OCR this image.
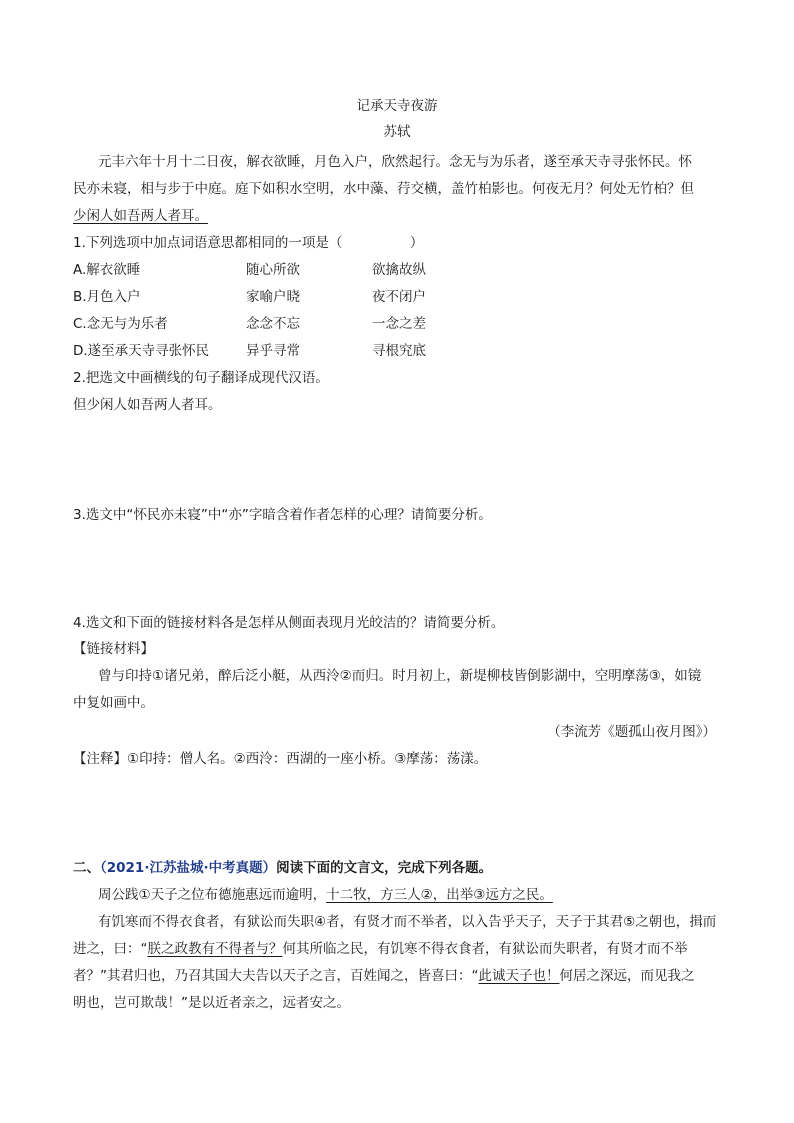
记承天寺夜游
苏轼
元丰六年十月十二日夜，解衣欲睡，月色入户，欣然起行。念无与为乐者，遂至承天寺寻张怀民。怀
民亦未寝，相与步于中庭。庭下如积水空明，水中藻、荇交横，盖竹柏影也。何夜无月？何处无竹柏？但
少闲人如吾两人者耳。
1.下列选项中加点词语意思都相同的一项是（　　　　　）
A.解衣欲睡	随心所欲	欲擒故纵
B.月色入户	家喻户晓	夜不闭户
C.念无与为乐者	念念不忘	一念之差
D.遂至承天寺寻张怀民	异乎寻常	寻根究底
2.把选文中画横线的句子翻译成现代汉语。
但少闲人如吾两人者耳。
3.选文中“怀民亦未寝”中“亦”字暗含着作者怎样的心理？请简要分析。
4.选文和下面的链接材料各是怎样从侧面表现月光皎洁的？请简要分析。
【链接材料】
曾与印持①诸兄弟，醉后泛小艇，从西泠②而归。时月初上，新堤柳枝皆倒影湖中，空明摩荡③，如镜
中复如画中。
（李流芳《题孤山夜月图》）
【注释】①印持：僧人名。②西泠：西湖的一座小桥。③摩荡：荡漾。
二、（2021·江苏盐城·中考真题）阅读下面的文言文，完成下列各题。
周公践①天子之位布德施惠远而逾明，十二牧，方三人②，出举③远方之民。
有饥寒而不得衣食者，有狱讼而失职④者，有贤才而不举者，以入告乎天子，天子于其君⑤之朝也，揖而
进之，曰：“朕之政教有不得者与？何其所临之民，有饥寒不得衣食者，有狱讼而失职者，有贤才而不举
者？”其君归也，乃召其国大夫告以天子之言，百姓闻之，皆喜曰：“此诚天子也！何居之深远，而见我之
明也，岂可欺哉！”是以近者亲之，远者安之。
